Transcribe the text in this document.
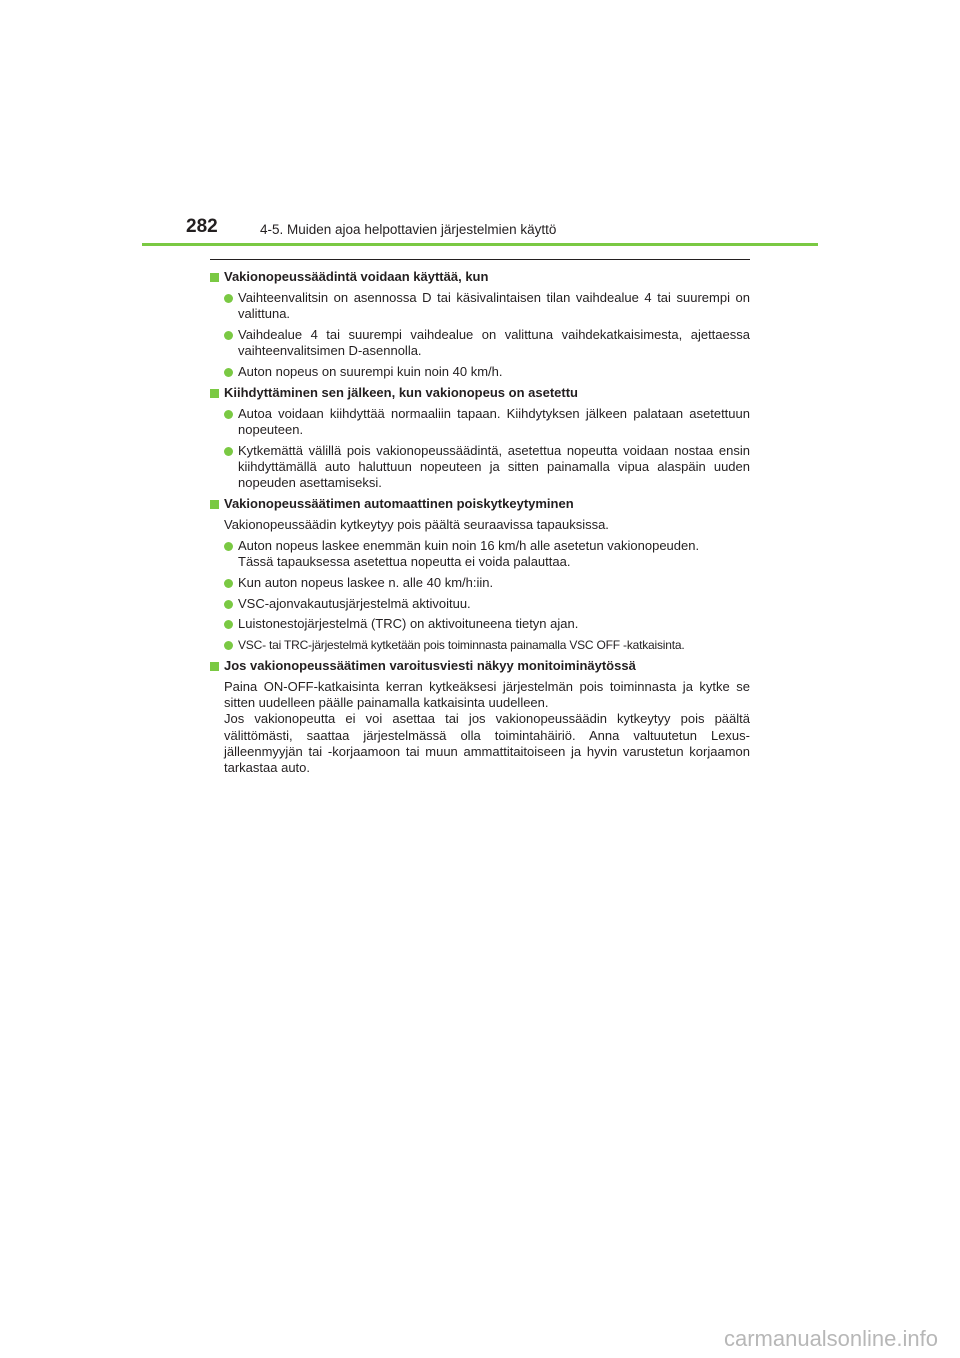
282	4-5. Muiden ajoa helpottavien järjestelmien käyttö
Vakionopeussäädintä voidaan käyttää, kun
Vaihteenvalitsin on asennossa D tai käsivalintaisen tilan vaihdealue 4 tai suurempi on valittuna.
Vaihdealue 4 tai suurempi vaihdealue on valittuna vaihdekatkaisimesta, ajettaessa vaihteenvalitsimen D-asennolla.
Auton nopeus on suurempi kuin noin 40 km/h.
Kiihdyttäminen sen jälkeen, kun vakionopeus on asetettu
Autoa voidaan kiihdyttää normaaliin tapaan. Kiihdytyksen jälkeen palataan asetettuun nopeuteen.
Kytkemättä välillä pois vakionopeussäädintä, asetettua nopeutta voidaan nostaa ensin kiihdyttämällä auto haluttuun nopeuteen ja sitten painamalla vipua alaspäin uuden nopeuden asettamiseksi.
Vakionopeussäätimen automaattinen poiskytkeytyminen
Vakionopeussäädin kytkeytyy pois päältä seuraavissa tapauksissa.
Auton nopeus laskee enemmän kuin noin 16 km/h alle asetetun vakionopeuden.
Tässä tapauksessa asetettua nopeutta ei voida palauttaa.
Kun auton nopeus laskee n. alle 40 km/h:iin.
VSC-ajonvakautusjärjestelmä aktivoituu.
Luistonestojärjestelmä (TRC) on aktivoituneena tietyn ajan.
VSC- tai TRC-järjestelmä kytketään pois toiminnasta painamalla VSC OFF -katkaisinta.
Jos vakionopeussäätimen varoitusviesti näkyy monitoiminäytössä
Paina ON-OFF-katkaisinta kerran kytkeäksesi järjestelmän pois toiminnasta ja kytke se sitten uudelleen päälle painamalla katkaisinta uudelleen.
Jos vakionopeutta ei voi asettaa tai jos vakionopeussäädin kytkeytyy pois päältä välittömästi, saattaa järjestelmässä olla toimintahäiriö. Anna valtuutetun Lexus-jälleenmyyjän tai -korjaamoon tai muun ammattitaitoiseen ja hyvin varustetun korjaamon tarkastaa auto.
carmanualsonline.info
